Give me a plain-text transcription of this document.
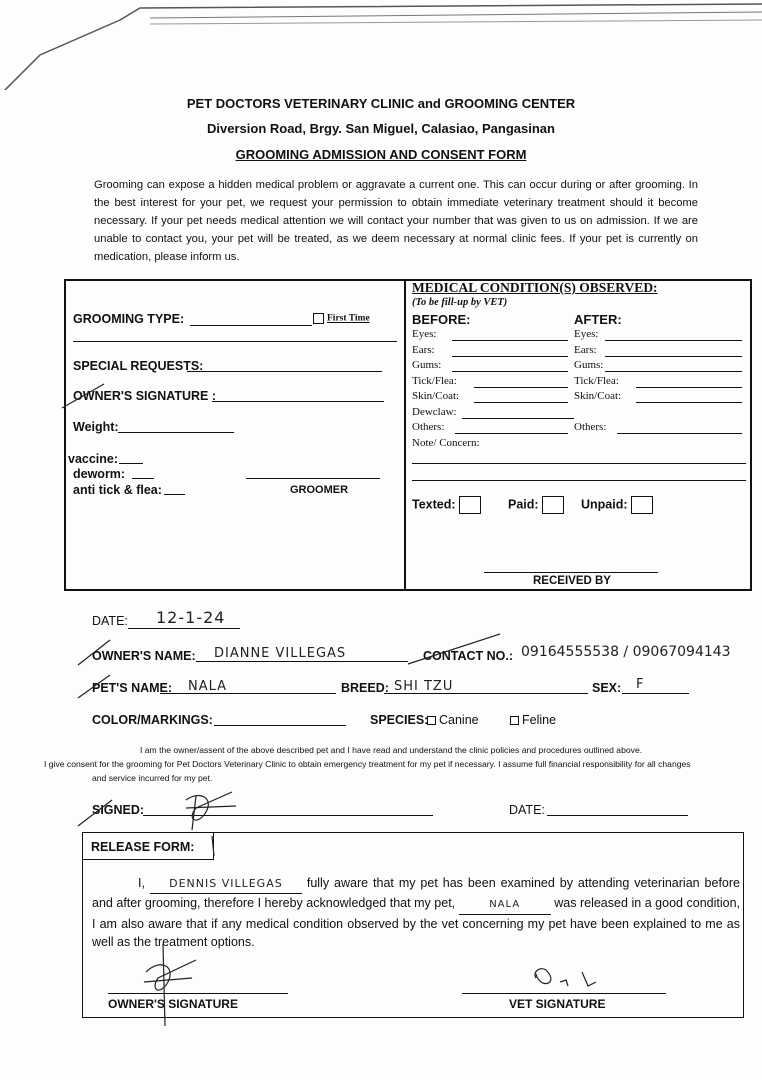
PET DOCTORS VETERINARY CLINIC and GROOMING CENTER
Diversion Road, Brgy. San Miguel, Calasiao, Pangasinan
GROOMING ADMISSION AND CONSENT FORM
Grooming can expose a hidden medical problem or aggravate a current one. This can occur during or after grooming. In the best interest for your pet, we request your permission to obtain immediate veterinary treatment should it become necessary. If your pet needs medical attention we will contact your number that was given to us on admission. If we are unable to contact you, your pet will be treated, as we deem necessary at normal clinic fees. If your pet is currently on medication, please inform us.
GROOMING TYPE:	First Time
SPECIAL REQUESTS:
OWNER'S SIGNATURE :
Weight:
vaccine:
deworm:
anti tick & flea:	GROOMER
MEDICAL CONDITION(S) OBSERVED:
(To be fill-up by VET)
BEFORE:	AFTER:
Eyes:	Eyes:
Ears:	Ears:
Gums:	Gums:
Tick/Flea:	Tick/Flea:
Skin/Coat:	Skin/Coat:
Dewclaw:
Others:	Others:
Note/ Concern:
Texted:	Paid:	Unpaid:
RECEIVED BY
DATE: 12-1-24
OWNER'S NAME: DIANNE VILLEGAS	CONTACT NO.: 09164555538 / 09067094143
PET'S NAME: NALA	BREED: SHI TZU	SEX: F
COLOR/MARKINGS:	SPECIES: Canine	Feline
I am the owner/assent of the above described pet and I have read and understand the clinic policies and procedures outlined above.
I give consent for the grooming for Pet Doctors Veterinary Clinic to obtain emergency treatment for my pet if necessary. I assume full financial responsibility for all changes and service incurred for my pet.
SIGNED:	DATE:
RELEASE FORM:
I, DENNIS VILLEGAS fully aware that my pet has been examined by attending veterinarian before and after grooming, therefore I hereby acknowledged that my pet,	NALA	was released in a good condition, I am also aware that if any medical condition observed by the vet concerning my pet have been explained to me as well as the treatment options.
OWNER'S SIGNATURE	VET SIGNATURE
